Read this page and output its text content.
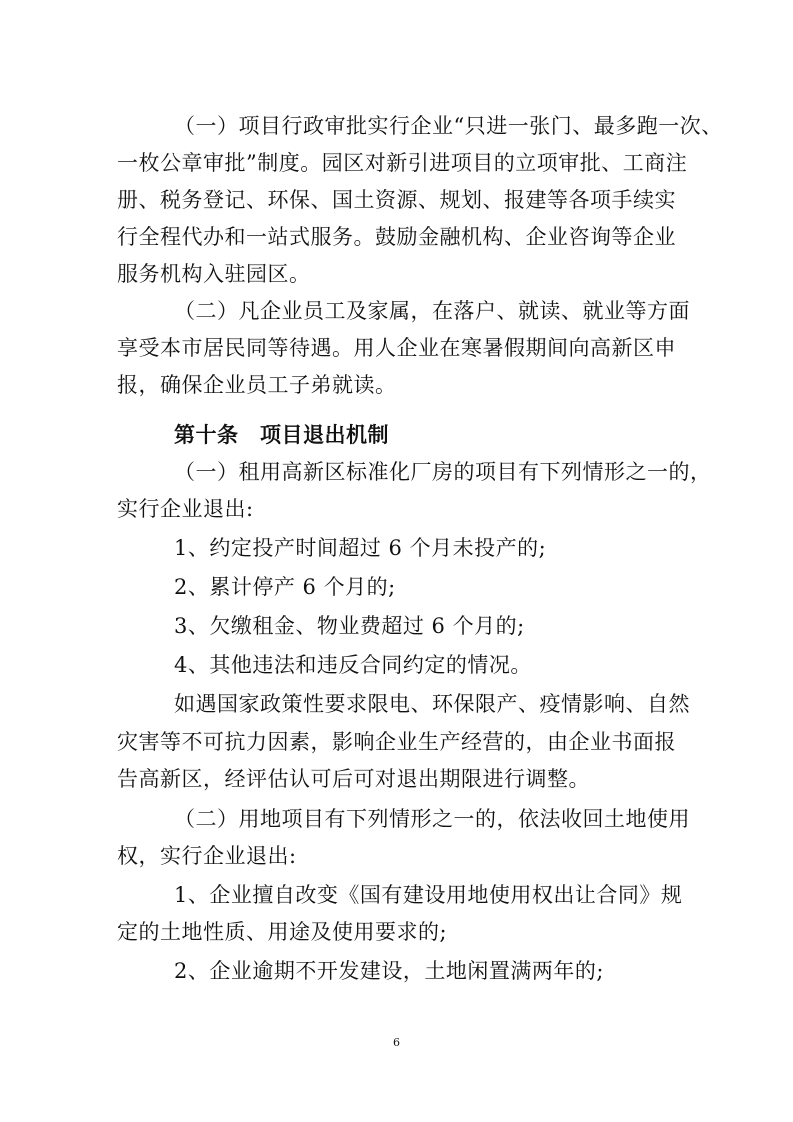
（一）项目行政审批实行企业“只进一张门、最多跑一次、
一枚公章审批”制度。园区对新引进项目的立项审批、工商注
册、税务登记、环保、国土资源、规划、报建等各项手续实
行全程代办和一站式服务。鼓励金融机构、企业咨询等企业
服务机构入驻园区。
（二）凡企业员工及家属，在落户、就读、就业等方面
享受本市居民同等待遇。用人企业在寒暑假期间向高新区申
报，确保企业员工子弟就读。
第十条　项目退出机制
（一）租用高新区标准化厂房的项目有下列情形之一的，
实行企业退出:
1、约定投产时间超过 6 个月未投产的;
2、累计停产 6 个月的;
3、欠缴租金、物业费超过 6 个月的;
4、其他违法和违反合同约定的情况。
如遇国家政策性要求限电、环保限产、疫情影响、自然
灾害等不可抗力因素，影响企业生产经营的，由企业书面报
告高新区，经评估认可后可对退出期限进行调整。
（二）用地项目有下列情形之一的，依法收回土地使用
权，实行企业退出:
1、企业擅自改变《国有建设用地使用权出让合同》规
定的土地性质、用途及使用要求的;
2、企业逾期不开发建设，土地闲置满两年的;
6
